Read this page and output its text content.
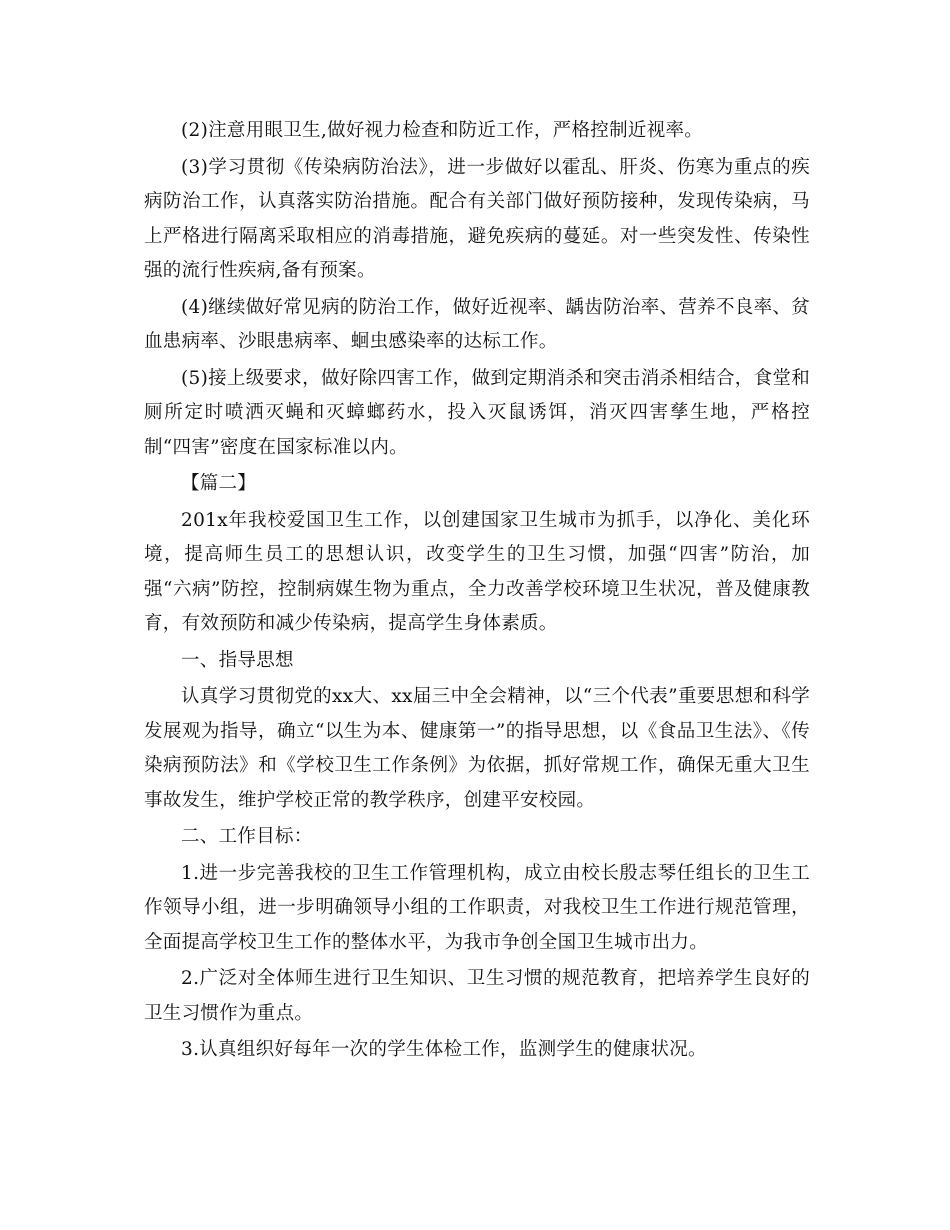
(2)注意用眼卫生,做好视力检查和防近工作，严格控制近视率。

(3)学习贯彻《传染病防治法》，进一步做好以霍乱、肝炎、伤寒为重点的疾病防治工作，认真落实防治措施。配合有关部门做好预防接种，发现传染病，马上严格进行隔离采取相应的消毒措施，避免疾病的蔓延。对一些突发性、传染性强的流行性疾病,备有预案。

(4)继续做好常见病的防治工作，做好近视率、龋齿防治率、营养不良率、贫血患病率、沙眼患病率、蛔虫感染率的达标工作。

(5)接上级要求，做好除四害工作，做到定期消杀和突击消杀相结合，食堂和厕所定时喷洒灭蝇和灭蟑螂药水，投入灭鼠诱饵，消灭四害孳生地，严格控制“四害”密度在国家标准以内。

【篇二】

201x年我校爱国卫生工作，以创建国家卫生城市为抓手，以净化、美化环境，提高师生员工的思想认识，改变学生的卫生习惯，加强“四害”防治，加强“六病”防控，控制病媒生物为重点，全力改善学校环境卫生状况，普及健康教育，有效预防和减少传染病，提高学生身体素质。

一、指导思想

认真学习贯彻党的xx大、xx届三中全会精神，以“三个代表”重要思想和科学发展观为指导，确立“以生为本、健康第一”的指导思想，以《食品卫生法》、《传染病预防法》和《学校卫生工作条例》为依据，抓好常规工作，确保无重大卫生事故发生，维护学校正常的教学秩序，创建平安校园。

二、工作目标：

1.进一步完善我校的卫生工作管理机构，成立由校长殷志琴任组长的卫生工作领导小组，进一步明确领导小组的工作职责，对我校卫生工作进行规范管理，全面提高学校卫生工作的整体水平，为我市争创全国卫生城市出力。

2.广泛对全体师生进行卫生知识、卫生习惯的规范教育，把培养学生良好的卫生习惯作为重点。

3.认真组织好每年一次的学生体检工作，监测学生的健康状况。
